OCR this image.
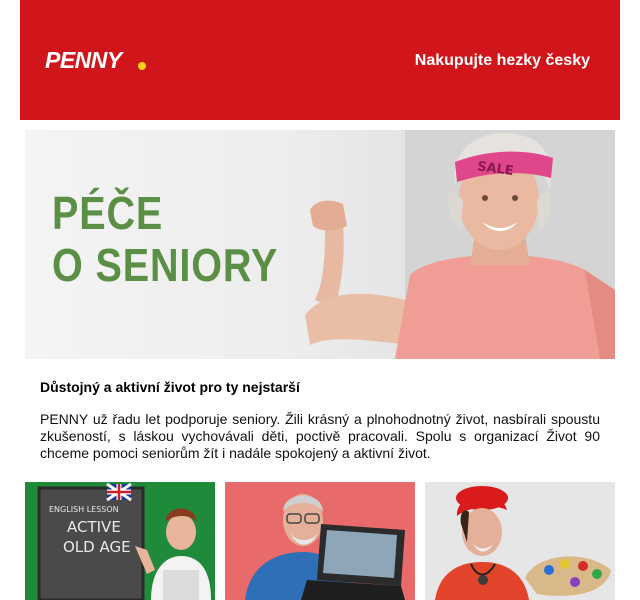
PENNY	Nakupujte hezky česky
SALE
PÉČE
O SENIORY
Důstojný a aktivní život pro ty nejstarší

PENNY už řadu let podporuje seniory. Žili krásný a plnohodnotný život, nasbírali spoustu zkušeností, s láskou vychovávali děti, poctivě pracovali. Spolu s organizací Život 90 chceme pomoci seniorům žít i nadále spokojený a aktivní život.

ENGLISH LESSON
ACTIVE
OLD AGE
